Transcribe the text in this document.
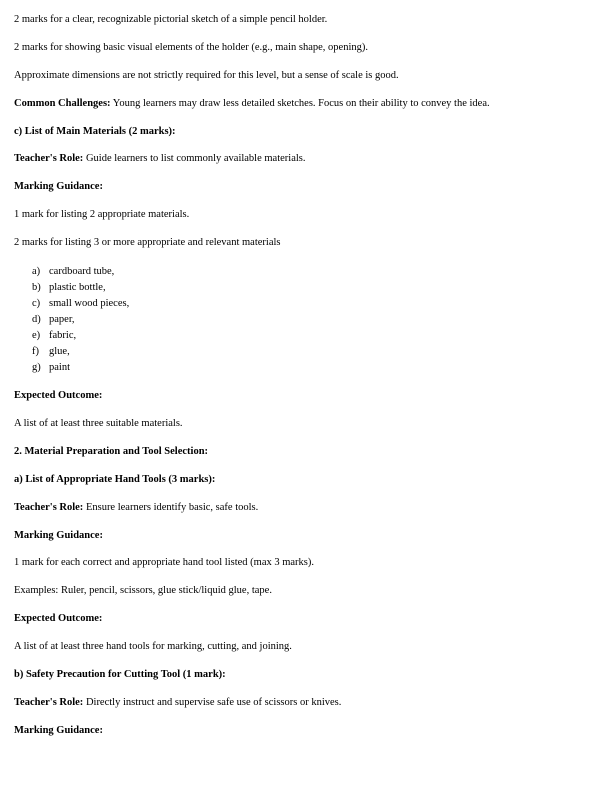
2 marks for a clear, recognizable pictorial sketch of a simple pencil holder.
2 marks for showing basic visual elements of the holder (e.g., main shape, opening).
Approximate dimensions are not strictly required for this level, but a sense of scale is good.
Common Challenges: Young learners may draw less detailed sketches. Focus on their ability to convey the idea.
c) List of Main Materials (2 marks):
Teacher's Role: Guide learners to list commonly available materials.
Marking Guidance:
1 mark for listing 2 appropriate materials.
2 marks for listing 3 or more appropriate and relevant materials
a) cardboard tube,
b) plastic bottle,
c) small wood pieces,
d) paper,
e) fabric,
f) glue,
g) paint
Expected Outcome:
A list of at least three suitable materials.
2. Material Preparation and Tool Selection:
a) List of Appropriate Hand Tools (3 marks):
Teacher's Role: Ensure learners identify basic, safe tools.
Marking Guidance:
1 mark for each correct and appropriate hand tool listed (max 3 marks).
Examples: Ruler, pencil, scissors, glue stick/liquid glue, tape.
Expected Outcome:
A list of at least three hand tools for marking, cutting, and joining.
b) Safety Precaution for Cutting Tool (1 mark):
Teacher's Role: Directly instruct and supervise safe use of scissors or knives.
Marking Guidance:
